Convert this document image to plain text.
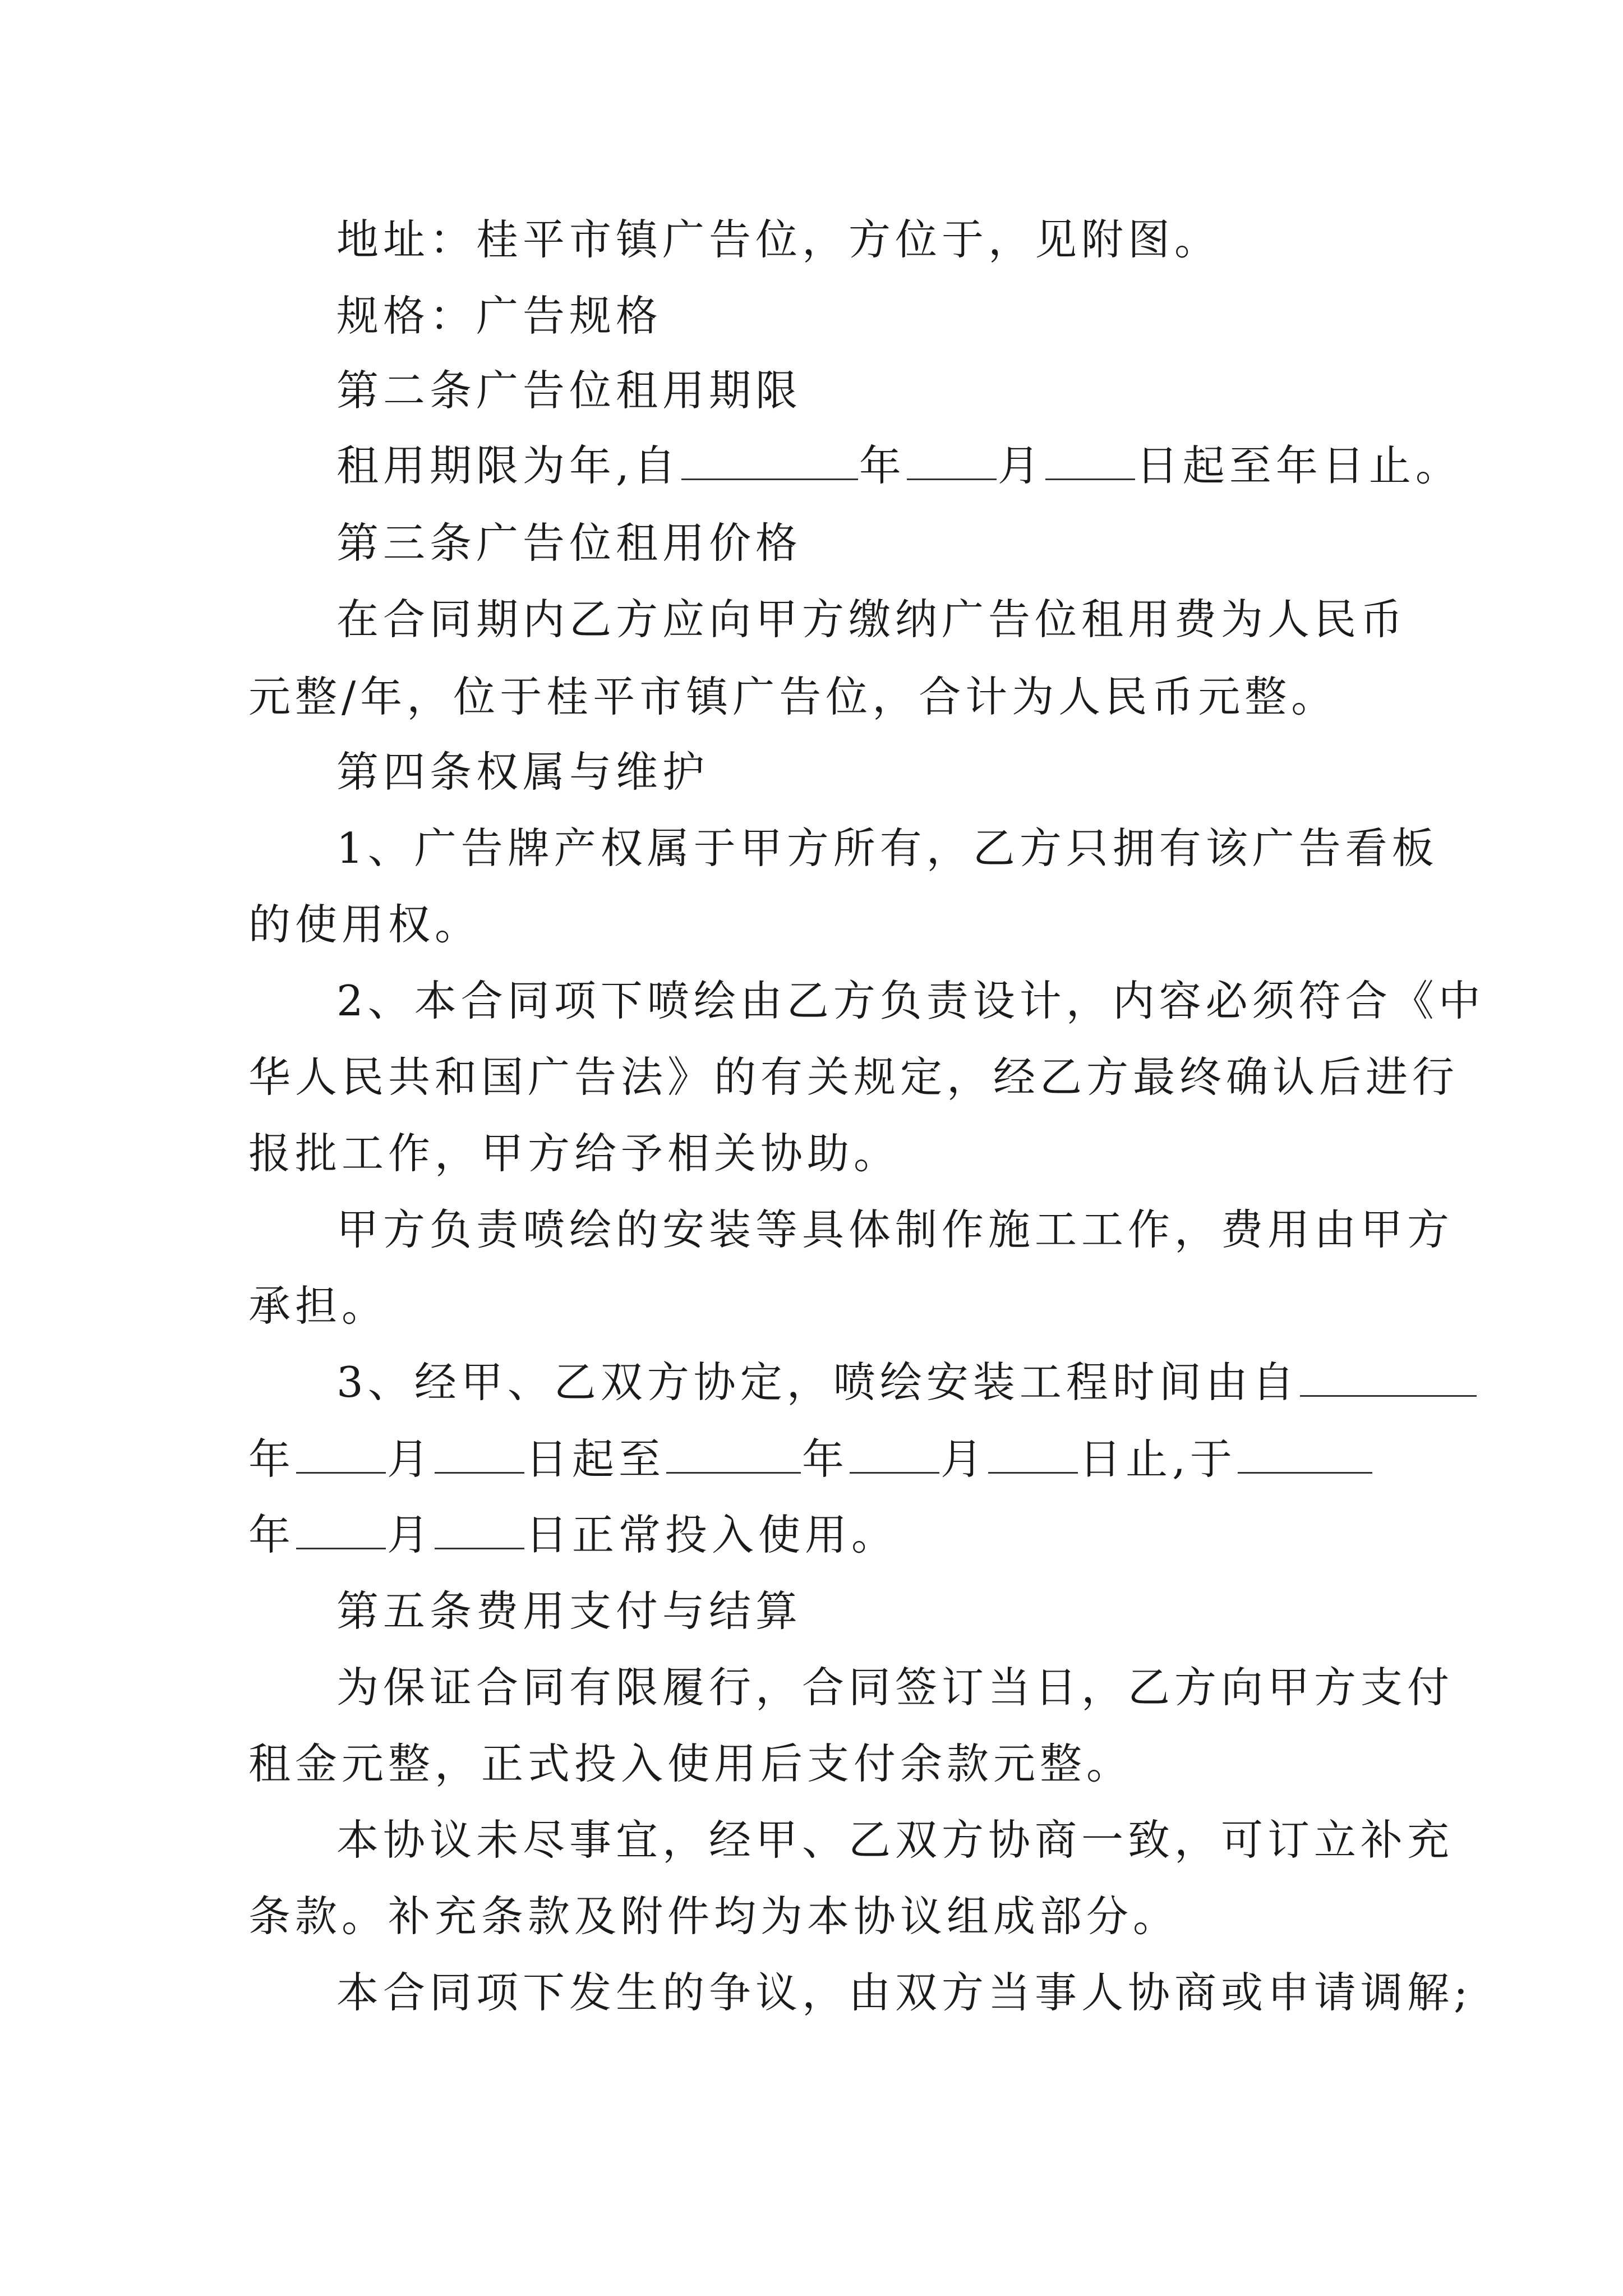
地址：桂平市镇广告位，方位于，见附图。
规格：广告规格
第二条广告位租用期限
租用期限为年,自	年 月 日起至年日止。
第三条广告位租用价格
在合同期内乙方应向甲方缴纳广告位租用费为人民币
元整/年，位于桂平市镇广告位，合计为人民币元整。
第四条权属与维护
1、广告牌产权属于甲方所有，乙方只拥有该广告看板
的使用权。
2、本合同项下喷绘由乙方负责设计，内容必须符合《中
华人民共和国广告法》的有关规定，经乙方最终确认后进行
报批工作，甲方给予相关协助。
甲方负责喷绘的安装等具体制作施工工作，费用由甲方
承担。
3、经甲、乙双方协定，喷绘安装工程时间由自
年 月 日起至	年 月 日止,于
年 月 日正常投入使用。
第五条费用支付与结算
为保证合同有限履行，合同签订当日，乙方向甲方支付
租金元整，正式投入使用后支付余款元整。
本协议未尽事宜，经甲、乙双方协商一致，可订立补充
条款。补充条款及附件均为本协议组成部分。
本合同项下发生的争议，由双方当事人协商或申请调解;
